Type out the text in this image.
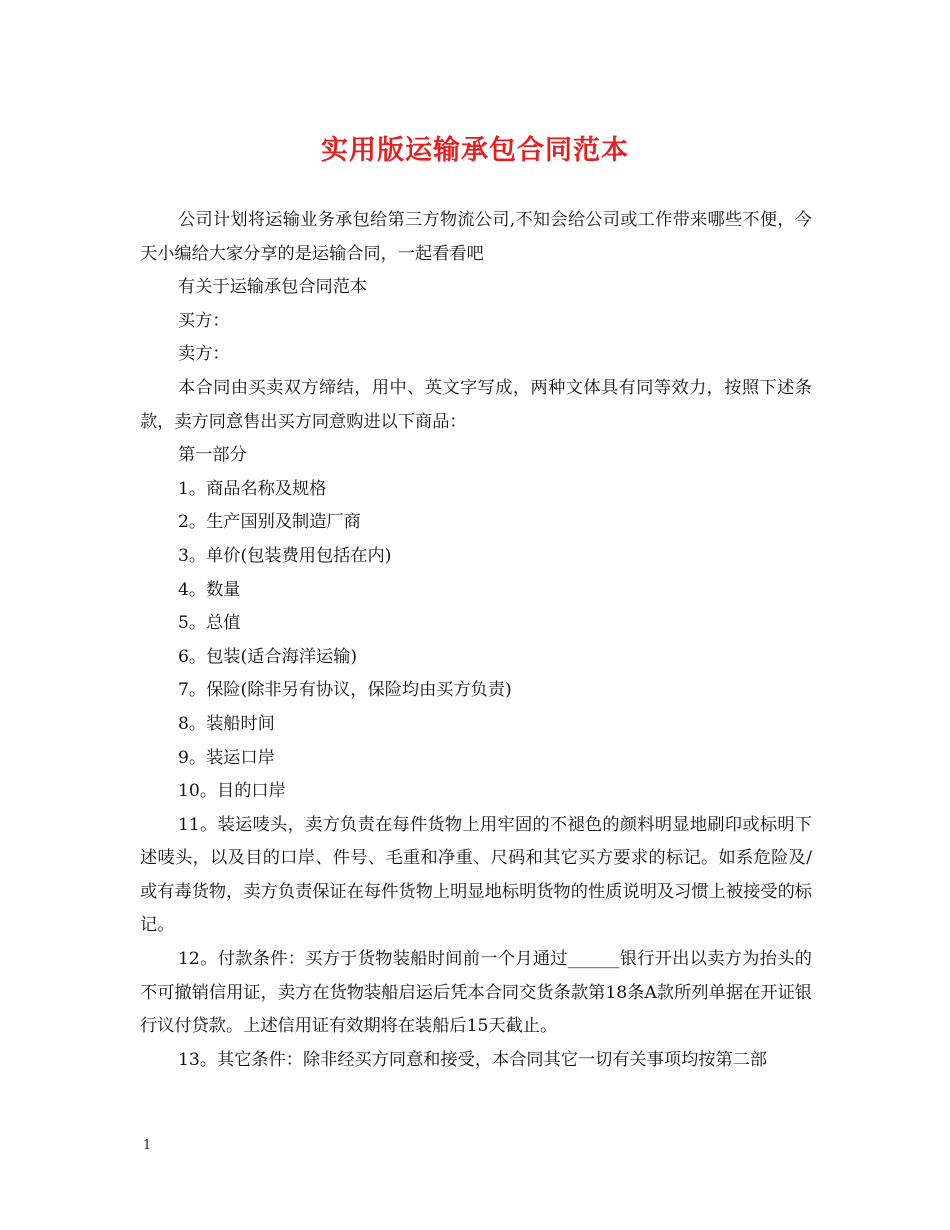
实用版运输承包合同范本

公司计划将运输业务承包给第三方物流公司,不知会给公司或工作带来哪些不便，今天小编给大家分享的是运输合同，一起看看吧

有关于运输承包合同范本

买方：

卖方：

本合同由买卖双方缔结，用中、英文字写成，两种文体具有同等效力，按照下述条款，卖方同意售出买方同意购进以下商品：

第一部分

1。商品名称及规格

2。生产国别及制造厂商

3。单价(包装费用包括在内)

4。数量

5。总值

6。包装(适合海洋运输)

7。保险(除非另有协议，保险均由买方负责)

8。装船时间

9。装运口岸

10。目的口岸

11。装运唛头，卖方负责在每件货物上用牢固的不褪色的颜料明显地刷印或标明下述唛头，以及目的口岸、件号、毛重和净重、尺码和其它买方要求的标记。如系危险及/或有毒货物，卖方负责保证在每件货物上明显地标明货物的性质说明及习惯上被接受的标记。

12。付款条件：买方于货物装船时间前一个月通过______银行开出以卖方为抬头的不可撤销信用证，卖方在货物装船启运后凭本合同交货条款第18条A款所列单据在开证银行议付贷款。上述信用证有效期将在装船后15天截止。

13。其它条件：除非经买方同意和接受，本合同其它一切有关事项均按第二部

1
